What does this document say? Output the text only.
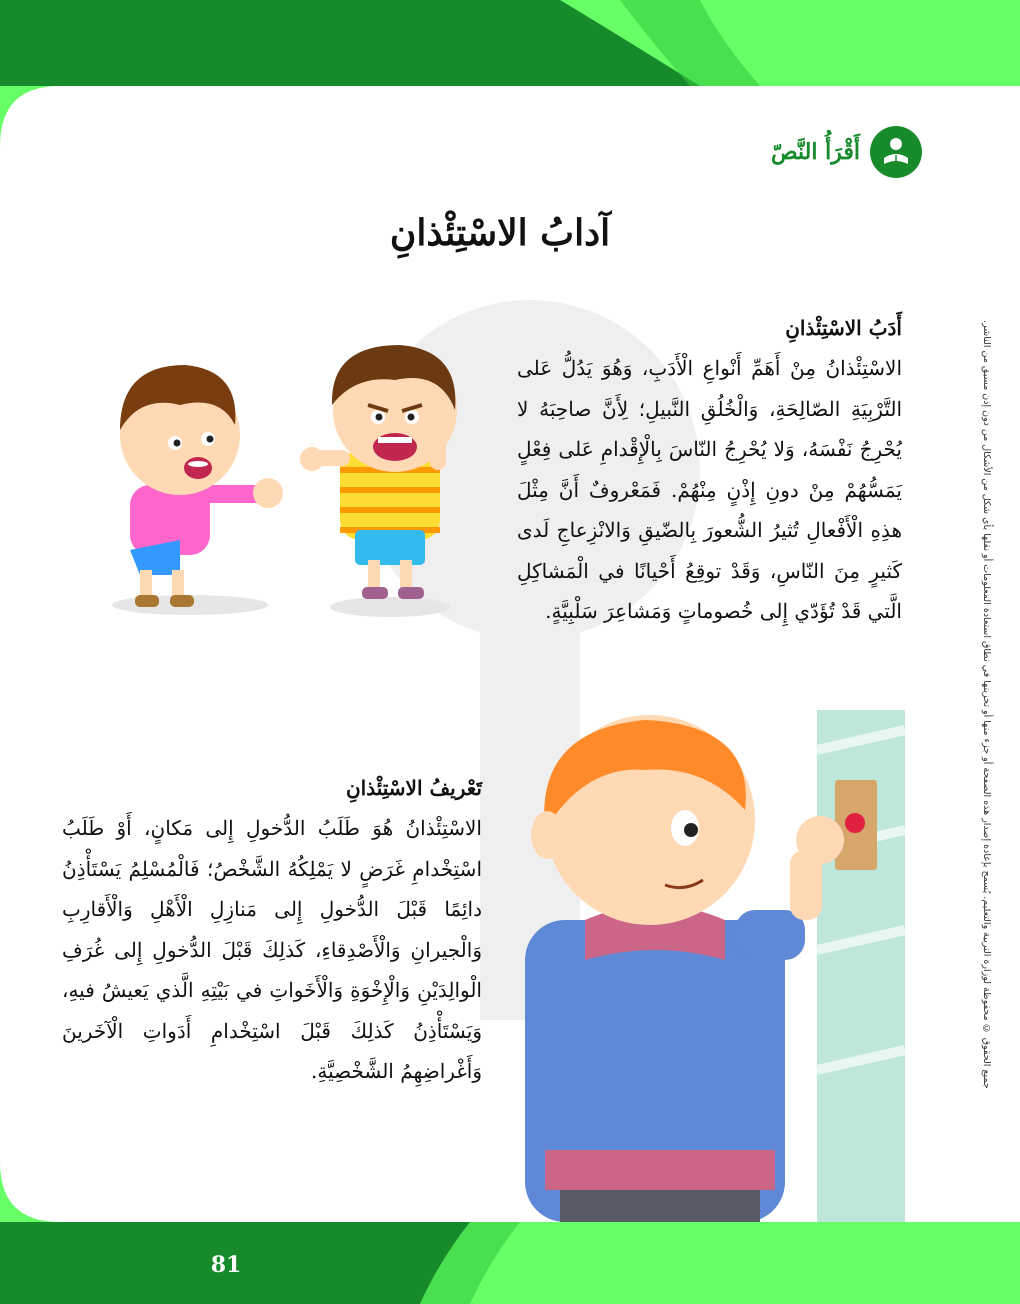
جميع الحقوق © محفوظة لوزارة التربية والتعليم. يُسمح بإعادة إصدار هذه الصفحة أو جزء منها أو تخزينها في نطاق استعادة المعلومات أو نقلها بأي شكل من الأشكال من دون إذن مسبق من الناشر.
أَقْرَأُ النَّصّ
آدابُ الاسْتِئْذانِ
أَدَبُ الاسْتِئْذانِ

الاسْتِئْذانُ مِنْ أَهَمِّ أَنْواعِ الْأَدَبِ، وَهُوَ يَدُلُّ عَلى التَّرْبِيَةِ الصّالِحَةِ، وَالْخُلُقِ النَّبيلِ؛ لِأَنَّ صاحِبَهُ لا يُحْرِجُ نَفْسَهُ، وَلا يُحْرِجُ النّاسَ بِالْإِقْدامِ عَلى فِعْلٍ يَمَسُّهُمْ مِنْ دونِ إِذْنٍ مِنْهُمْ. فَمَعْروفٌ أَنَّ مِثْلَ هذِهِ الْأَفْعالِ تُثيرُ الشُّعورَ بِالضّيقِ وَالانْزِعاجِ لَدى كَثيرٍ مِنَ النّاسِ، وَقَدْ توقِعُ أَحْيانًا في الْمَشاكِلِ الَّتي قَدْ تُؤَدّي إِلى خُصوماتٍ وَمَشاعِرَ سَلْبِيَّةٍ.

تَعْريفُ الاسْتِئْذانِ

الاسْتِئْذانُ هُوَ طَلَبُ الدُّخولِ إِلى مَكانٍ، أَوْ طَلَبُ اسْتِخْدامِ غَرَضٍ لا يَمْلِكُهُ الشَّخْصُ؛ فَالْمُسْلِمُ يَسْتَأْذِنُ دائِمًا قَبْلَ الدُّخولِ إِلى مَنازِلِ الْأَهْلِ وَالْأَقارِبِ وَالْجيرانِ وَالْأَصْدِقاءِ، كَذلِكَ قَبْلَ الدُّخولِ إِلى غُرَفِ الْوالِدَيْنِ وَالْإِخْوَةِ وَالْأَخَواتِ في بَيْتِهِ الَّذي يَعيشُ فيهِ، وَيَسْتَأْذِنُ كَذلِكَ قَبْلَ اسْتِخْدامِ أَدَواتِ الْآخَرينَ وَأَغْراضِهِمُ الشَّخْصِيَّةِ.

81
